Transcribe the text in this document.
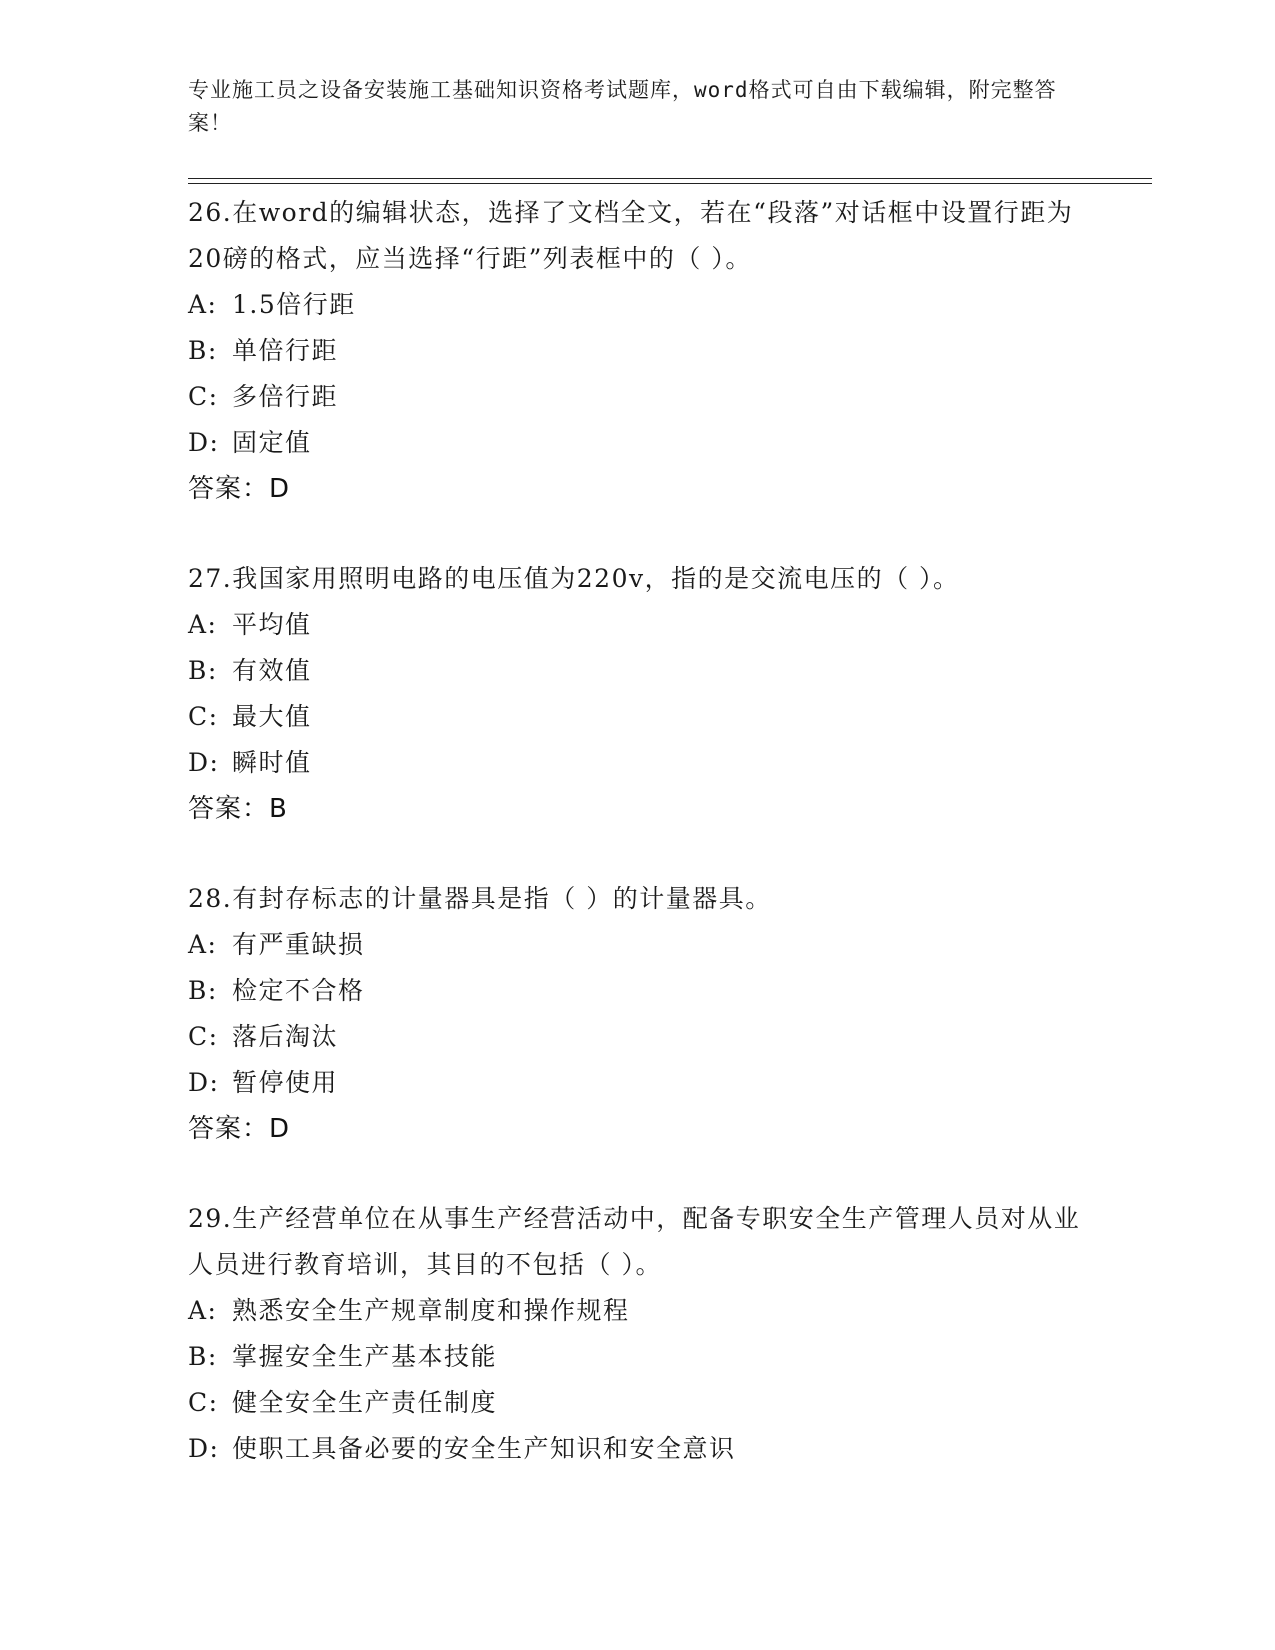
专业施工员之设备安装施工基础知识资格考试题库，word格式可自由下载编辑，附完整答案！

26.在word的编辑状态，选择了文档全文，若在“段落”对话框中设置行距为20磅的格式，应当选择“行距”列表框中的（ ）。

A: 1.5倍行距

B: 单倍行距

C: 多倍行距

D: 固定值

答案：D

27.我国家用照明电路的电压值为220v，指的是交流电压的（ ）。

A: 平均值

B: 有效值

C: 最大值

D: 瞬时值

答案：B

28.有封存标志的计量器具是指（ ）的计量器具。

A: 有严重缺损

B: 检定不合格

C: 落后淘汰

D: 暂停使用

答案：D

29.生产经营单位在从事生产经营活动中，配备专职安全生产管理人员对从业人员进行教育培训，其目的不包括（ ）。

A: 熟悉安全生产规章制度和操作规程

B: 掌握安全生产基本技能

C: 健全安全生产责任制度

D: 使职工具备必要的安全生产知识和安全意识
